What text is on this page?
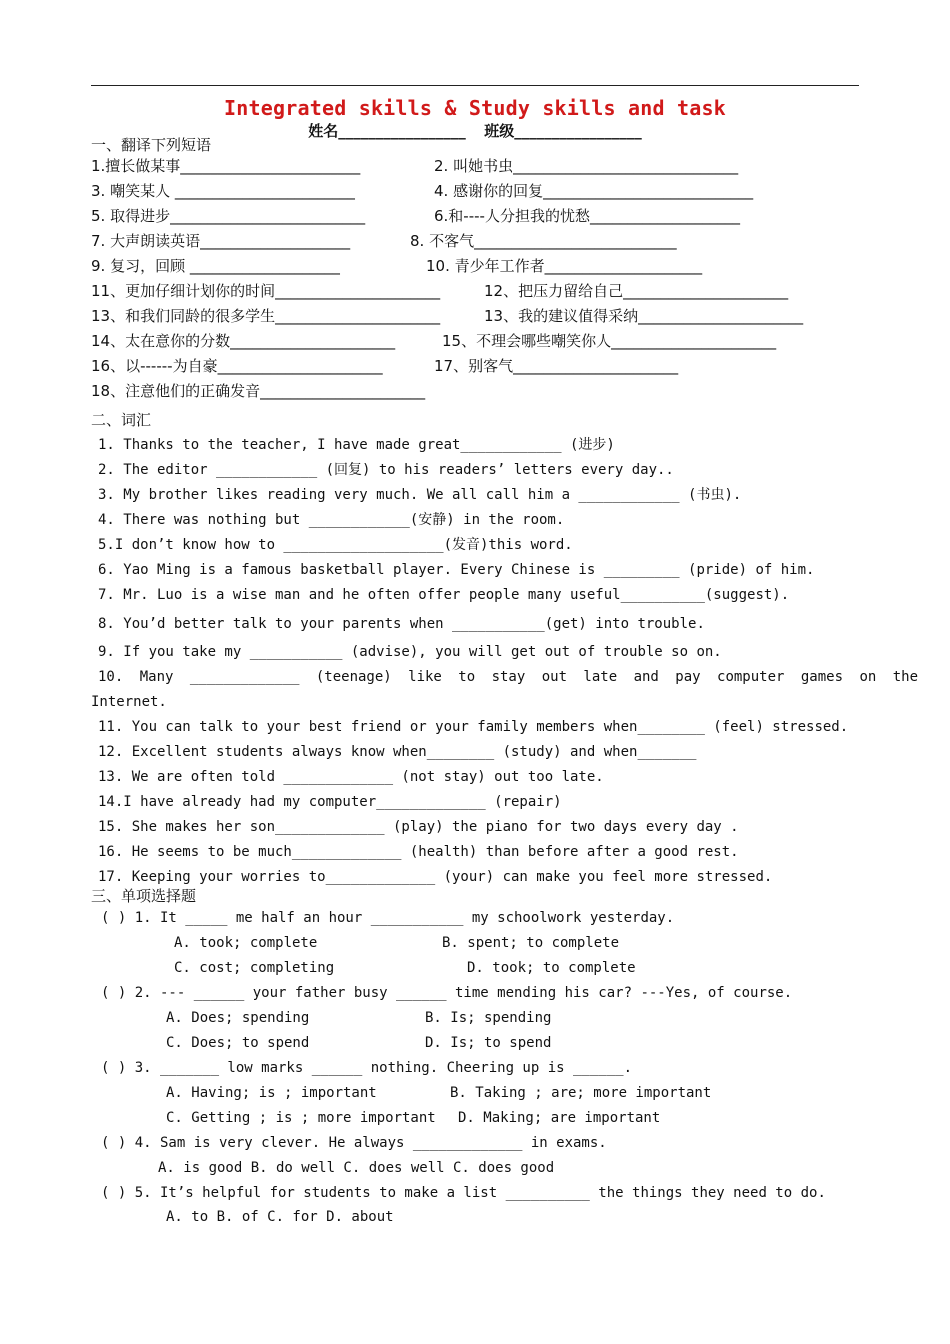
Integrated skills & Study skills and task
姓名_________________ 班级_________________
一、翻译下列短语
1.擅长做某事________________________	2. 叫她书虫______________________________
3. 嘲笑某人 ________________________	4. 感谢你的回复____________________________
5. 取得进步__________________________	6.和----人分担我的忧愁____________________
7. 大声朗读英语____________________	8. 不客气___________________________
9. 复习，回顾 ____________________	10. 青少年工作者_____________________
11、更加仔细计划你的时间______________________	12、把压力留给自己______________________
13、和我们同龄的很多学生______________________	13、我的建议值得采纳______________________
14、太在意你的分数______________________	15、不理会哪些嘲笑你人______________________
16、以------为自豪______________________	17、别客气______________________
18、注意他们的正确发音______________________
二、词汇
1. Thanks to the teacher, I have made great____________ (进步)
2. The editor ____________ (回复) to his readers’ letters every day..
3. My brother likes reading very much. We all call him a ____________ (书虫).
4. There was nothing but ____________(安静) in the room.
5.I don’t know how to ___________________(发音)this word.
6. Yao Ming is a famous basketball player. Every Chinese is _________ (pride) of him.
7. Mr. Luo is a wise man and he often offer people many useful__________(suggest).
8. You’d better talk to your parents when ___________(get) into trouble.
9. If you take my ___________ (advise), you will get out of trouble so on.
10. Many _____________ (teenage) like to stay out late and pay computer games on the
Internet.
11. You can talk to your best friend or your family members when________ (feel) stressed.
12. Excellent students always know when________ (study) and when_______
13. We are often told _____________ (not stay) out too late.
14.I have already had my computer_____________ (repair)
15. She makes her son_____________ (play) the piano for two days every day .
16. He seems to be much_____________ (health) than before after a good rest.
17. Keeping your worries to_____________ (your) can make you feel more stressed.
三、单项选择题
( ) 1. It _____ me half an hour ___________ my schoolwork yesterday.
A. took; complete	B. spent; to complete
C. cost; completing	D. took; to complete
( ) 2. --- ______ your father busy ______ time mending his car? ---Yes, of course.
A. Does; spending	B. Is; spending
C. Does; to spend	D. Is; to spend
( ) 3. _______ low marks ______ nothing. Cheering up is ______.
A. Having; is ; important	B. Taking ; are; more important
C. Getting ; is ; more important D. Making; are important
( ) 4. Sam is very clever. He always _____________ in exams.
A. is good B. do well C. does well C. does good
( ) 5. It’s helpful for students to make a list __________ the things they need to do.
A. to B. of C. for D. about
